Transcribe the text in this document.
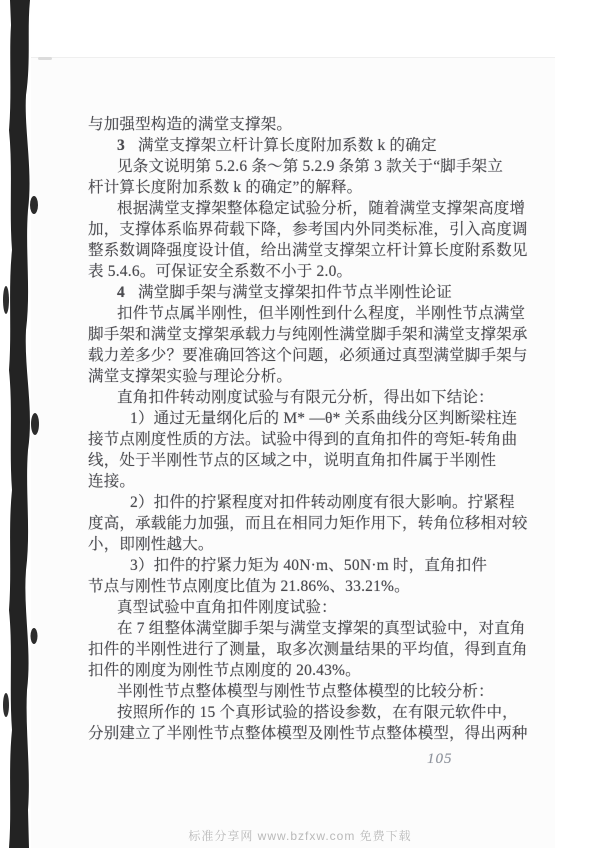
与加强型构造的满堂支撑架。
3 满堂支撑架立杆计算长度附加系数 k 的确定
见条文说明第 5.2.6 条～第 5.2.9 条第 3 款关于“脚手架立
杆计算长度附加系数 k 的确定”的解释。
根据满堂支撑架整体稳定试验分析，随着满堂支撑架高度增
加，支撑体系临界荷载下降，参考国内外同类标准，引入高度调
整系数调降强度设计值，给出满堂支撑架立杆计算长度附系数见
表 5.4.6。可保证安全系数不小于 2.0。
4 满堂脚手架与满堂支撑架扣件节点半刚性论证
扣件节点属半刚性，但半刚性到什么程度，半刚性节点满堂
脚手架和满堂支撑架承载力与纯刚性满堂脚手架和满堂支撑架承
载力差多少？要准确回答这个问题，必须通过真型满堂脚手架与
满堂支撑架实验与理论分析。
直角扣件转动刚度试验与有限元分析，得出如下结论：
1）通过无量纲化后的 M* —θ* 关系曲线分区判断梁柱连
接节点刚度性质的方法。试验中得到的直角扣件的弯矩-转角曲
线，处于半刚性节点的区域之中，说明直角扣件属于半刚性
连接。
2）扣件的拧紧程度对扣件转动刚度有很大影响。拧紧程
度高，承载能力加强，而且在相同力矩作用下，转角位移相对较
小，即刚性越大。
3）扣件的拧紧力矩为 40N·m、50N·m 时，直角扣件
节点与刚性节点刚度比值为 21.86%、33.21%。
真型试验中直角扣件刚度试验：
在 7 组整体满堂脚手架与满堂支撑架的真型试验中，对直角
扣件的半刚性进行了测量，取多次测量结果的平均值，得到直角
扣件的刚度为刚性节点刚度的 20.43%。
半刚性节点整体模型与刚性节点整体模型的比较分析：
按照所作的 15 个真形试验的搭设参数，在有限元软件中，
分别建立了半刚性节点整体模型及刚性节点整体模型，得出两种
105
标准分享网 www.bzfxw.com 免费下载
